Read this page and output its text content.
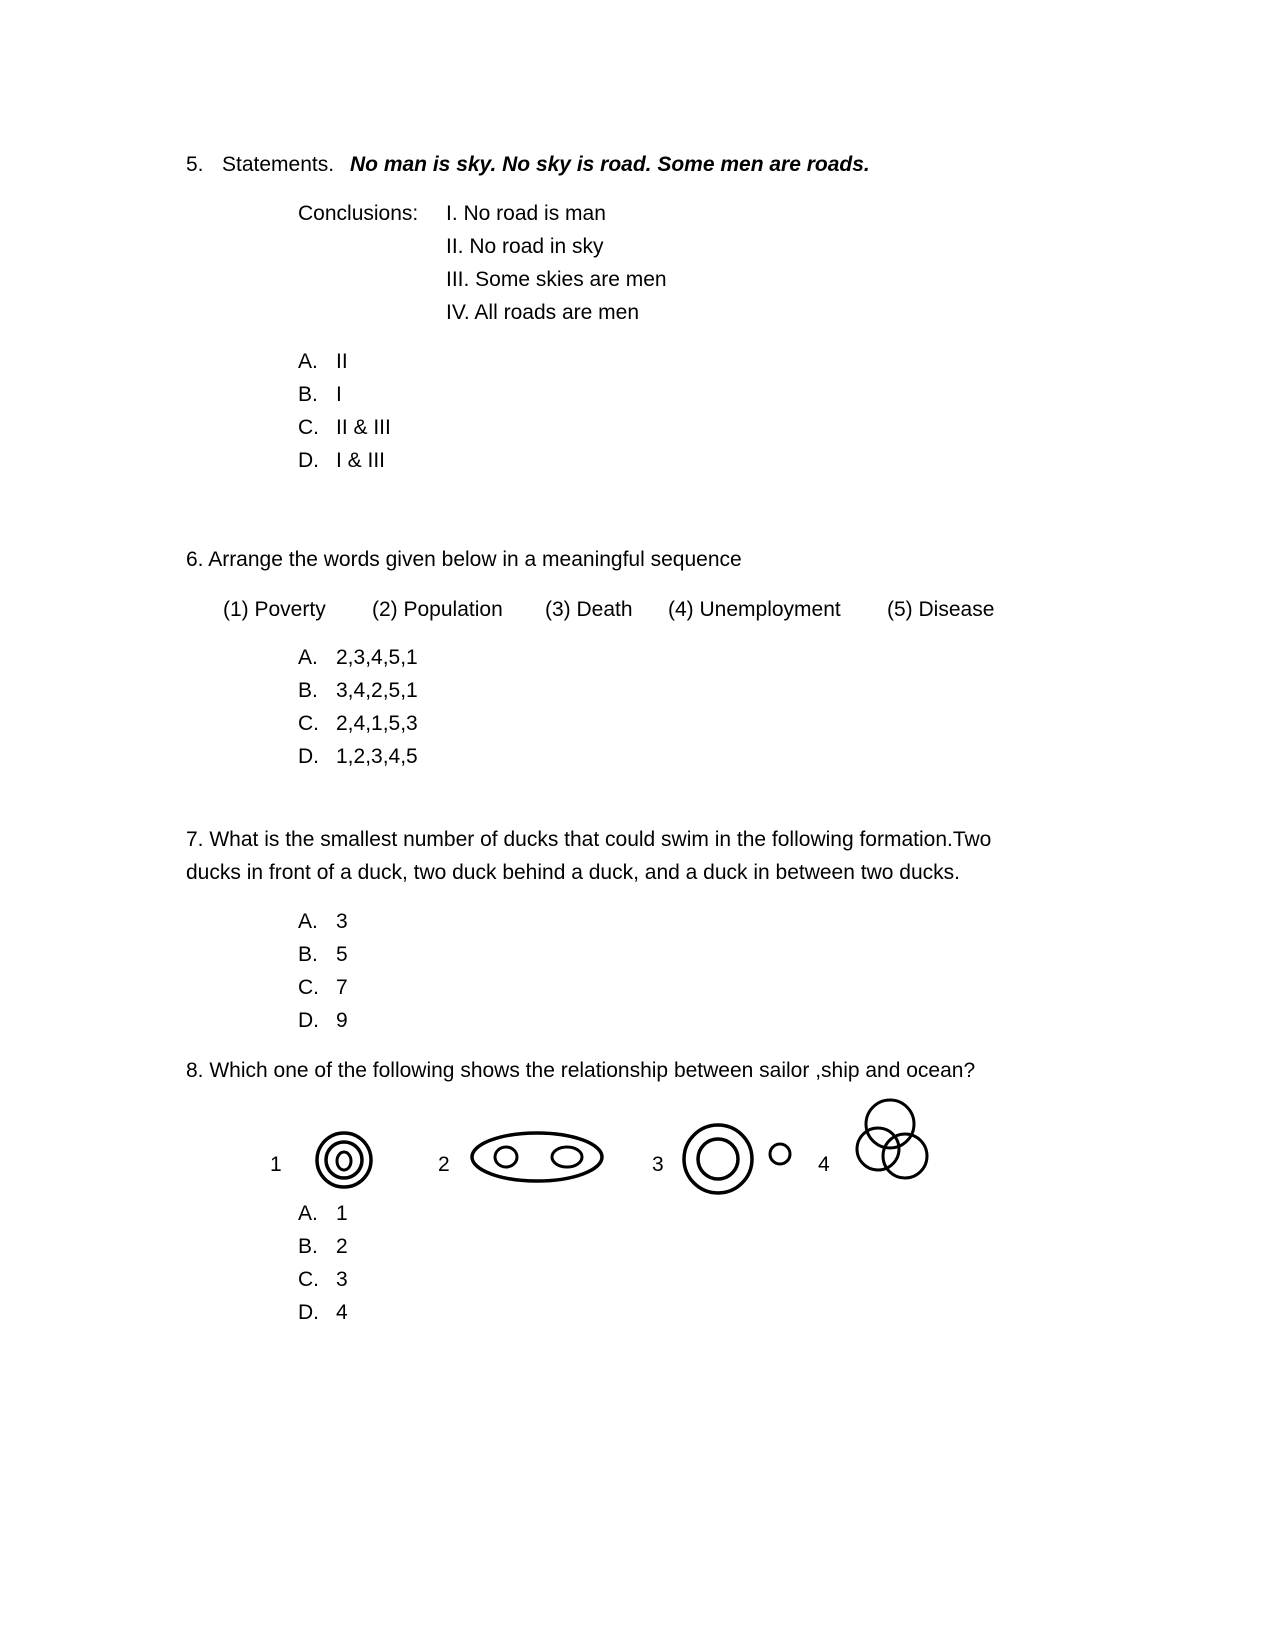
5. Statements. No man is sky. No sky is road. Some men are roads.
Conclusions: I. No road is man
II. No road in sky
III. Some skies are men
IV. All roads are men
A. II
B. I
C. II & III
D. I & III
6. Arrange the words given below in a meaningful sequence
(1) Poverty (2) Population (3) Death (4) Unemployment (5) Disease
A. 2,3,4,5,1
B. 3,4,2,5,1
C. 2,4,1,5,3
D. 1,2,3,4,5
7. What is the smallest number of ducks that could swim in the following formation.Two
ducks in front of a duck, two duck behind a duck, and a duck in between two ducks.
A. 3
B. 5
C. 7
D. 9
8. Which one of the following shows the relationship between sailor ,ship and ocean?
1	2	3	4
A. 1
B. 2
C. 3
D. 4
